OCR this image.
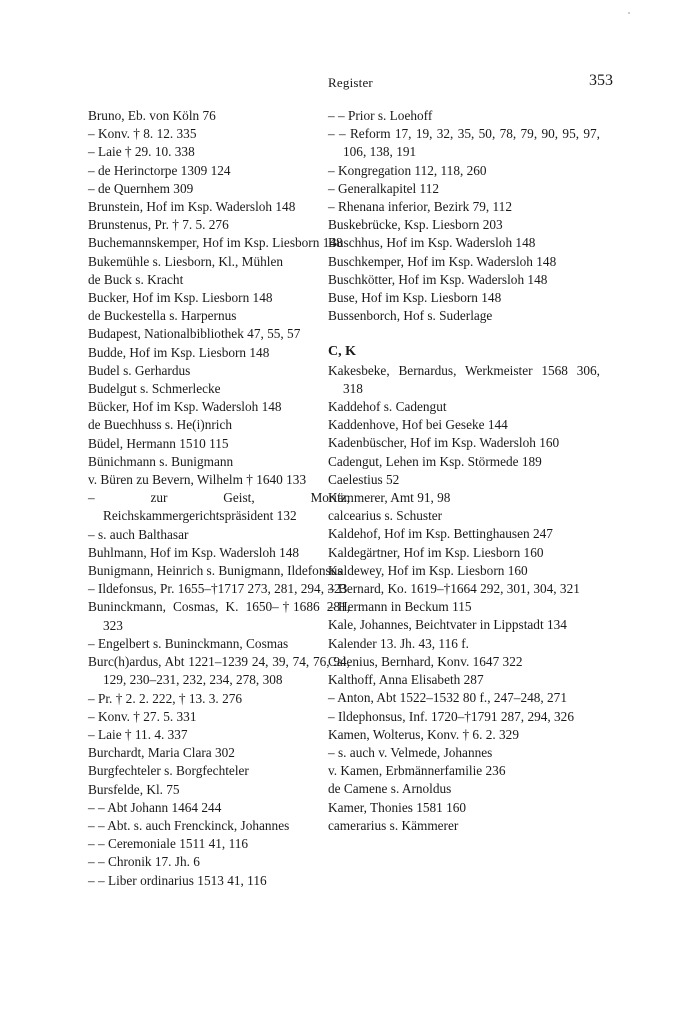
Register	353

Bruno, Eb. von Köln 76

– Konv. † 8. 12. 335

– Laie † 29. 10. 338

– de Herinctorpe 1309 124

– de Quernhem 309

Brunstein, Hof im Ksp. Wadersloh 148

Brunstenus, Pr. † 7. 5. 276

Buchemannskemper, Hof im Ksp. Liesborn 148

Bukemühle s. Liesborn, Kl., Mühlen

de Buck s. Kracht

Bucker, Hof im Ksp. Liesborn 148

de Buckestella s. Harpernus

Budapest, Nationalbibliothek 47, 55, 57

Budde, Hof im Ksp. Liesborn 148

Budel s. Gerhardus

Budelgut s. Schmerlecke

Bücker, Hof im Ksp. Wadersloh 148

de Buechhuss s. He(i)nrich

Büdel, Hermann 1510 115

Bünichmann s. Bunigmann

v. Büren zu Bevern, Wilhelm † 1640 133

– zur Geist, Moritz, Reichskammergerichtspräsident 132

– s. auch Balthasar

Buhlmann, Hof im Ksp. Wadersloh 148

Bunigmann, Heinrich s. Bunigmann, Ildefonsus

– Ildefonsus, Pr. 1655–†1717 273, 281, 294, 323

Buninckmann, Cosmas, K. 1650–†1686 281, 323

– Engelbert s. Buninckmann, Cosmas

Burc(h)ardus, Abt 1221–1239 24, 39, 74, 76, 94, 129, 230–231, 232, 234, 278, 308

– Pr. † 2. 2. 222, † 13. 3. 276

– Konv. † 27. 5. 331

– Laie † 11. 4. 337

Burchardt, Maria Clara 302

Burgfechteler s. Borgfechteler

Bursfelde, Kl. 75

– – Abt Johann 1464 244

– – Abt. s. auch Frenckinck, Johannes

– – Ceremoniale 1511 41, 116

– – Chronik 17. Jh. 6

– – Liber ordinarius 1513 41, 116

– – Prior s. Loehoff

– – Reform 17, 19, 32, 35, 50, 78, 79, 90, 95, 97, 106, 138, 191

– Kongregation 112, 118, 260

– Generalkapitel 112

– Rhenana inferior, Bezirk 79, 112

Buskebrücke, Ksp. Liesborn 203

Buschhus, Hof im Ksp. Wadersloh 148

Buschkemper, Hof im Ksp. Wadersloh 148

Buschkötter, Hof im Ksp. Wadersloh 148

Buse, Hof im Ksp. Liesborn 148

Bussenborch, Hof s. Suderlage

C, K

Kakesbeke, Bernardus, Werkmeister 1568 306, 318

Kaddehof s. Cadengut

Kaddenhove, Hof bei Geseke 144

Kadenbüscher, Hof im Ksp. Wadersloh 160

Cadengut, Lehen im Ksp. Störmede 189

Caelestius 52

Kämmerer, Amt 91, 98

calcearius s. Schuster

Kaldehof, Hof im Ksp. Bettinghausen 247

Kaldegärtner, Hof im Ksp. Liesborn 160

Kaldewey, Hof im Ksp. Liesborn 160

– Bernard, Ko. 1619–†1664 292, 301, 304, 321

– Hermann in Beckum 115

Kale, Johannes, Beichtvater in Lippstadt 134

Kalender 13. Jh. 43, 116 f.

Calenius, Bernhard, Konv. 1647 322

Kalthoff, Anna Elisabeth 287

– Anton, Abt 1522–1532 80 f., 247–248, 271

– Ildephonsus, Inf. 1720–†1791 287, 294, 326

Kamen, Wolterus, Konv. † 6. 2. 329

– s. auch v. Velmede, Johannes

v. Kamen, Erbmännerfamilie 236

de Camene s. Arnoldus

Kamer, Thonies 1581 160

camerarius s. Kämmerer
